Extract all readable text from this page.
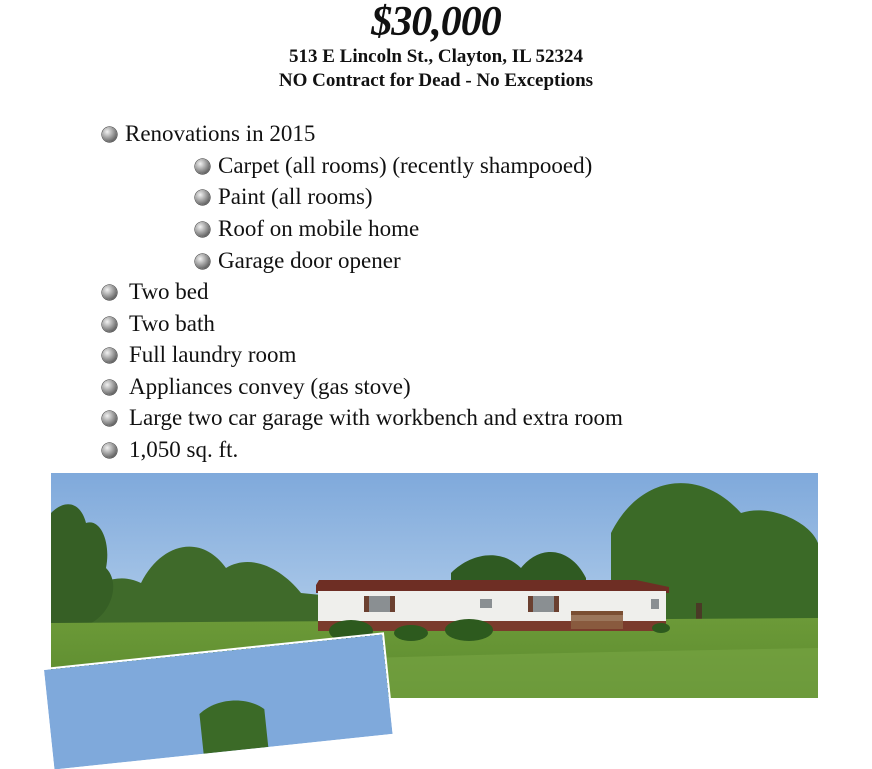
$30,000
513 E Lincoln St., Clayton, IL 52324
NO Contract for Dead - No Exceptions
Renovations in 2015
Carpet (all rooms) (recently shampooed)
Paint (all rooms)
Roof on mobile home
Garage door opener
Two bed
Two bath
Full laundry room
Appliances convey (gas stove)
Large two car garage with workbench and extra room
1,050 sq. ft.
